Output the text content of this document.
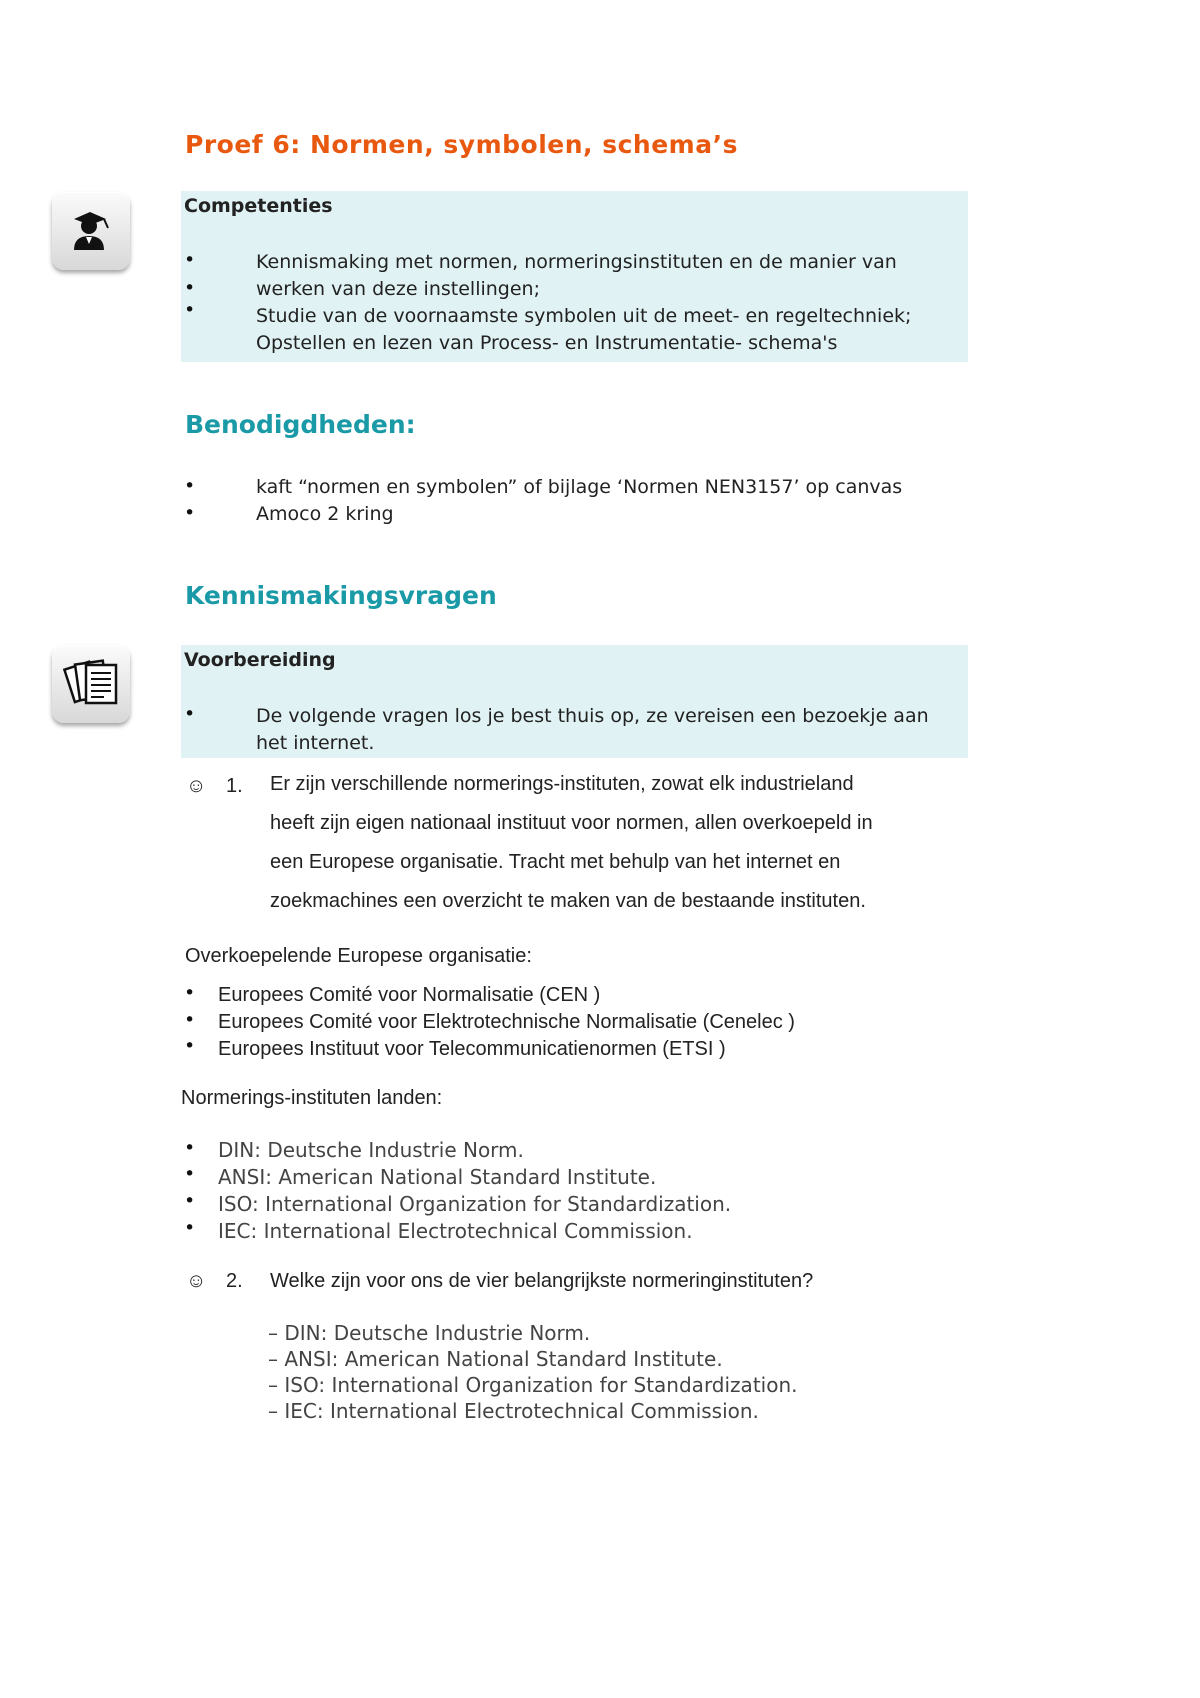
Proef 6: Normen, symbolen, schema’s
Competenties
•
•
•
Kennismaking met normen, normeringsinstituten en de manier van werken van deze instellingen;
Studie van de voornaamste symbolen uit de meet- en regeltechniek;
Opstellen en lezen van Process- en Instrumentatie- schema's
Benodigdheden:
•
•
kaft “normen en symbolen” of bijlage ‘Normen NEN3157’ op canvas
Amoco 2 kring
Kennismakingsvragen
Voorbereiding
•	De volgende vragen los je best thuis op, ze vereisen een bezoekje aan het internet.
☺ 1. Er zijn verschillende normerings-instituten, zowat elk industrieland
heeft zijn eigen nationaal instituut voor normen, allen overkoepeld in
een Europese organisatie. Tracht met behulp van het internet en
zoekmachines een overzicht te maken van de bestaande instituten.
Overkoepelende Europese organisatie:
•
•
•
Europees Comité voor Normalisatie (CEN )
Europees Comité voor Elektrotechnische Normalisatie (Cenelec )
Europees Instituut voor Telecommunicatienormen (ETSI )
Normerings-instituten landen:
•
•
•
•
DIN: Deutsche Industrie Norm.
ANSI: American National Standard Institute.
ISO: International Organization for Standardization.
IEC: International Electrotechnical Commission.
☺ 2. Welke zijn voor ons de vier belangrijkste normeringinstituten?
– DIN: Deutsche Industrie Norm.
– ANSI: American National Standard Institute.
– ISO: International Organization for Standardization.
– IEC: International Electrotechnical Commission.
